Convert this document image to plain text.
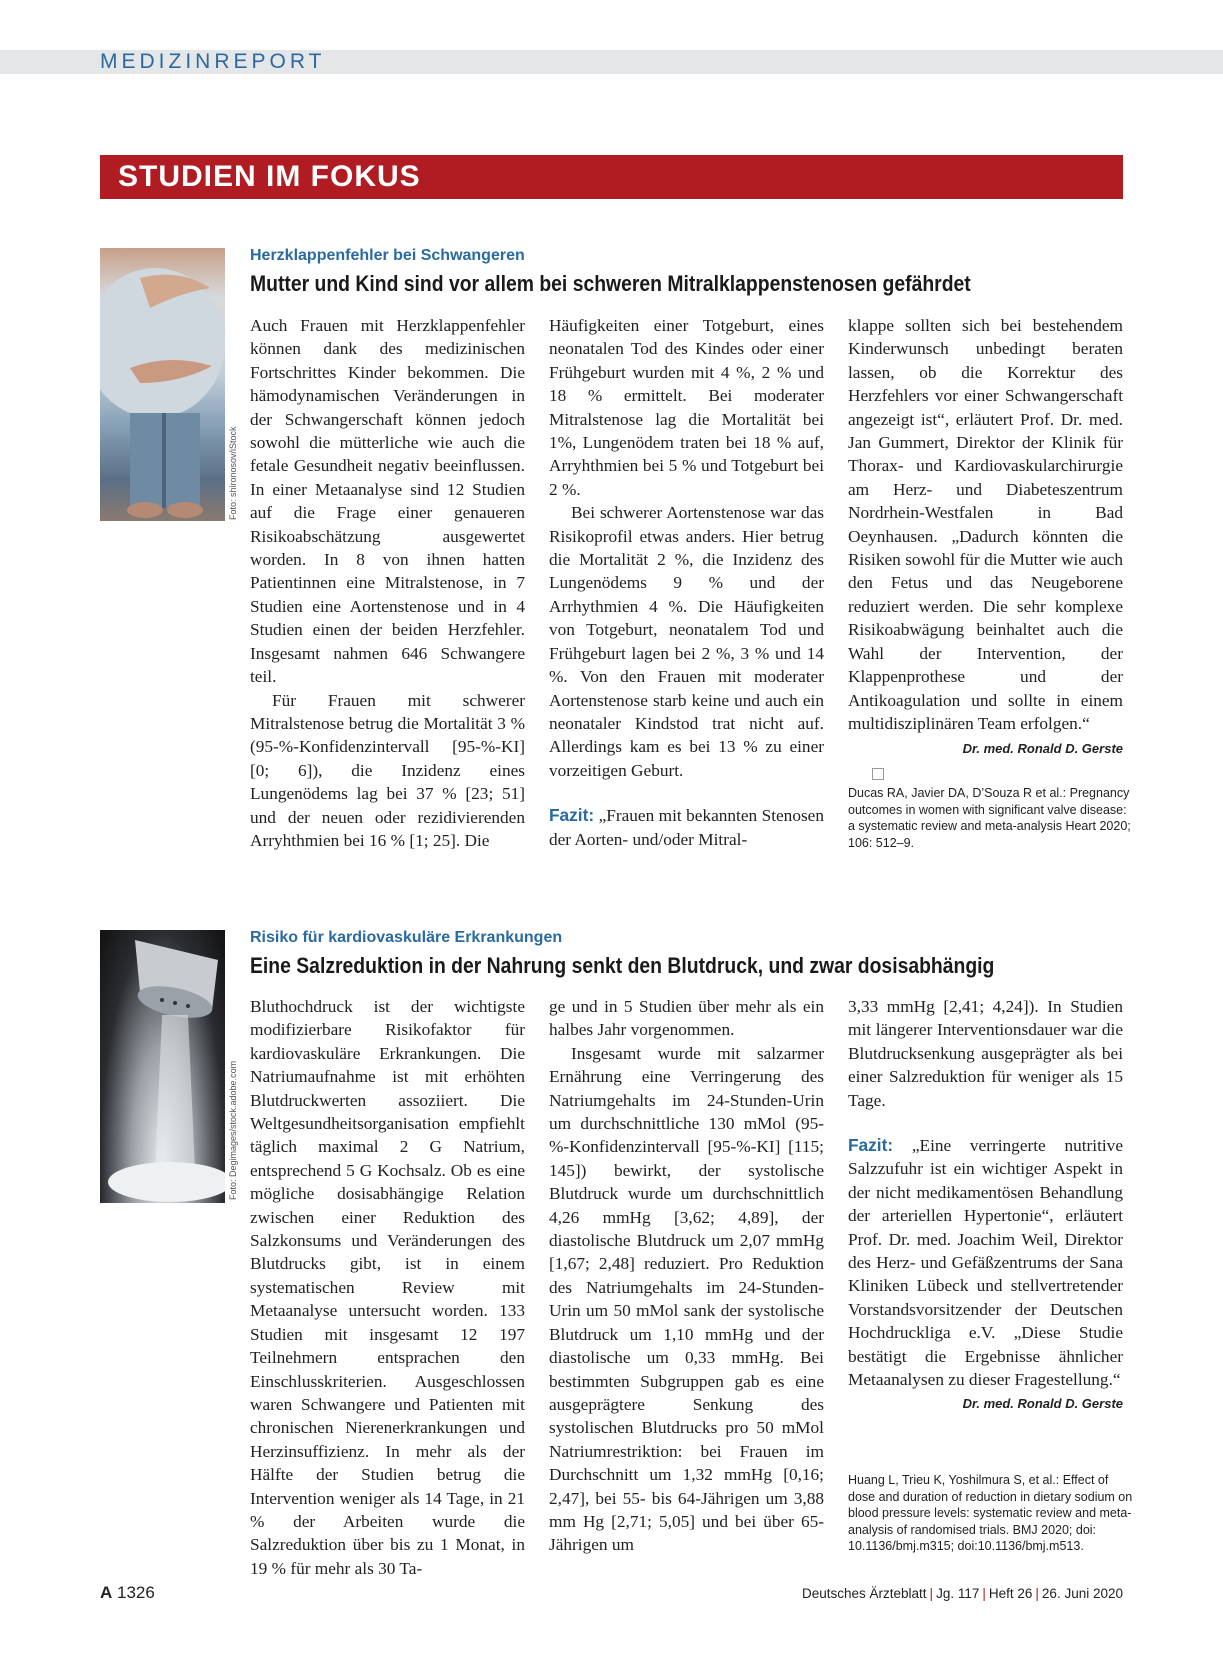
MEDIZINREPORT
STUDIEN IM FOKUS
Foto: shironosov/iStock
Herzklappenfehler bei Schwangeren
Mutter und Kind sind vor allem bei schweren Mitralklappenstenosen gefährdet

Auch Frauen mit Herzklappenfehler können dank des medizinischen Fortschrittes Kinder bekommen. Die hämodynamischen Veränderungen in der Schwangerschaft können jedoch sowohl die mütterliche wie auch die fetale Gesundheit negativ beeinflussen. In einer Metaanalyse sind 12 Studien auf die Frage einer genaueren Risikoabschätzung ausgewertet worden. In 8 von ihnen hatten Patientinnen eine Mitralstenose, in 7 Studien eine Aortenstenose und in 4 Studien einen der beiden Herzfehler. Insgesamt nahmen 646 Schwangere teil.

Für Frauen mit schwerer Mitralstenose betrug die Mortalität 3 % (95-%-Konfidenzintervall [95-%-KI] [0; 6]), die Inzidenz eines Lungenödems lag bei 37 % [23; 51] und der neuen oder rezidivierenden Arryhthmien bei 16 % [1; 25]. Die

Häufigkeiten einer Totgeburt, eines neonatalen Tod des Kindes oder einer Frühgeburt wurden mit 4 %, 2 % und 18 % ermittelt. Bei moderater Mitralstenose lag die Mortalität bei 1%, Lungenödem traten bei 18 % auf, Arryhthmien bei 5 % und Totgeburt bei 2 %.

Bei schwerer Aortenstenose war das Risikoprofil etwas anders. Hier betrug die Mortalität 2 %, die Inzidenz des Lungenödems 9 % und der Arrhythmien 4 %. Die Häufigkeiten von Totgeburt, neonatalem Tod und Frühgeburt lagen bei 2 %, 3 % und 14 %. Von den Frauen mit moderater Aortenstenose starb keine und auch ein neonataler Kindstod trat nicht auf. Allerdings kam es bei 13 % zu einer vorzeitigen Geburt.

Fazit: „Frauen mit bekannten Stenosen der Aorten- und/oder Mitral-

klappe sollten sich bei bestehendem Kinderwunsch unbedingt beraten lassen, ob die Korrektur des Herzfehlers vor einer Schwangerschaft angezeigt ist“, erläutert Prof. Dr. med. Jan Gummert, Direktor der Klinik für Thorax- und Kardiovaskularchirurgie am Herz- und Diabeteszentrum Nordrhein-Westfalen in Bad Oeynhausen. „Dadurch könnten die Risiken sowohl für die Mutter wie auch den Fetus und das Neugeborene reduziert werden. Die sehr komplexe Risikoabwägung beinhaltet auch die Wahl der Intervention, der Klappenprothese und der Antikoagulation und sollte in einem multidisziplinären Team erfolgen.“

Dr. med. Ronald D. Gerste
Ducas RA, Javier DA, D’Souza R et al.: Pregnancy outcomes in women with significant valve disease: a systematic review and meta-analysis Heart 2020; 106: 512–9.
Foto: Degimages/stock.adobe.com
Risiko für kardiovaskuläre Erkrankungen
Eine Salzreduktion in der Nahrung senkt den Blutdruck, und zwar dosisabhängig

Bluthochdruck ist der wichtigste modifizierbare Risikofaktor für kardiovaskuläre Erkrankungen. Die Natriumaufnahme ist mit erhöhten Blutdruckwerten assoziiert. Die Weltgesundheitsorganisation empfiehlt täglich maximal 2 G Natrium, entsprechend 5 G Kochsalz. Ob es eine mögliche dosisabhängige Relation zwischen einer Reduktion des Salzkonsums und Veränderungen des Blutdrucks gibt, ist in einem systematischen Review mit Metaanalyse untersucht worden. 133 Studien mit insgesamt 12 197 Teilnehmern entsprachen den Einschlusskriterien. Ausgeschlossen waren Schwangere und Patienten mit chronischen Nierenerkrankungen und Herzinsuffizienz. In mehr als der Hälfte der Studien betrug die Intervention weniger als 14 Tage, in 21 % der Arbeiten wurde die Salzreduktion über bis zu 1 Monat, in 19 % für mehr als 30 Ta-

ge und in 5 Studien über mehr als ein halbes Jahr vorgenommen.

Insgesamt wurde mit salzarmer Ernährung eine Verringerung des Natriumgehalts im 24-Stunden-Urin um durchschnittliche 130 mMol (95-%-Konfidenzintervall [95-%-KI] [115; 145]) bewirkt, der systolische Blutdruck wurde um durchschnittlich 4,26 mmHg [3,62; 4,89], der diastolische Blutdruck um 2,07 mmHg [1,67; 2,48] reduziert. Pro Reduktion des Natriumgehalts im 24-Stunden-Urin um 50 mMol sank der systolische Blutdruck um 1,10 mmHg und der diastolische um 0,33 mmHg. Bei bestimmten Subgruppen gab es eine ausgeprägtere Senkung des systolischen Blutdrucks pro 50 mMol Natriumrestriktion: bei Frauen im Durchschnitt um 1,32 mmHg [0,16; 2,47], bei 55- bis 64-Jährigen um 3,88 mm Hg [2,71; 5,05] und bei über 65-Jährigen um

3,33 mmHg [2,41; 4,24]). In Studien mit längerer Interventionsdauer war die Blutdrucksenkung ausgeprägter als bei einer Salzreduktion für weniger als 15 Tage.

Fazit: „Eine verringerte nutritive Salzzufuhr ist ein wichtiger Aspekt in der nicht medikamentösen Behandlung der arteriellen Hypertonie“, erläutert Prof. Dr. med. Joachim Weil, Direktor des Herz- und Gefäßzentrums der Sana Kliniken Lübeck und stellvertretender Vorstandsvorsitzender der Deutschen Hochdruckliga e.V. „Diese Studie bestätigt die Ergebnisse ähnlicher Metaanalysen zu dieser Fragestellung.“
Dr. med. Ronald D. Gerste

Huang L, Trieu K, Yoshilmura S, et al.: Effect of dose and duration of reduction in dietary sodium on blood pressure levels: systematic review and meta-analysis of randomised trials. BMJ 2020; doi: 10.1136/bmj.m315; doi:10.1136/bmj.m513.
A 1326	Deutsches Ärzteblatt | Jg. 117 | Heft 26 | 26. Juni 2020
